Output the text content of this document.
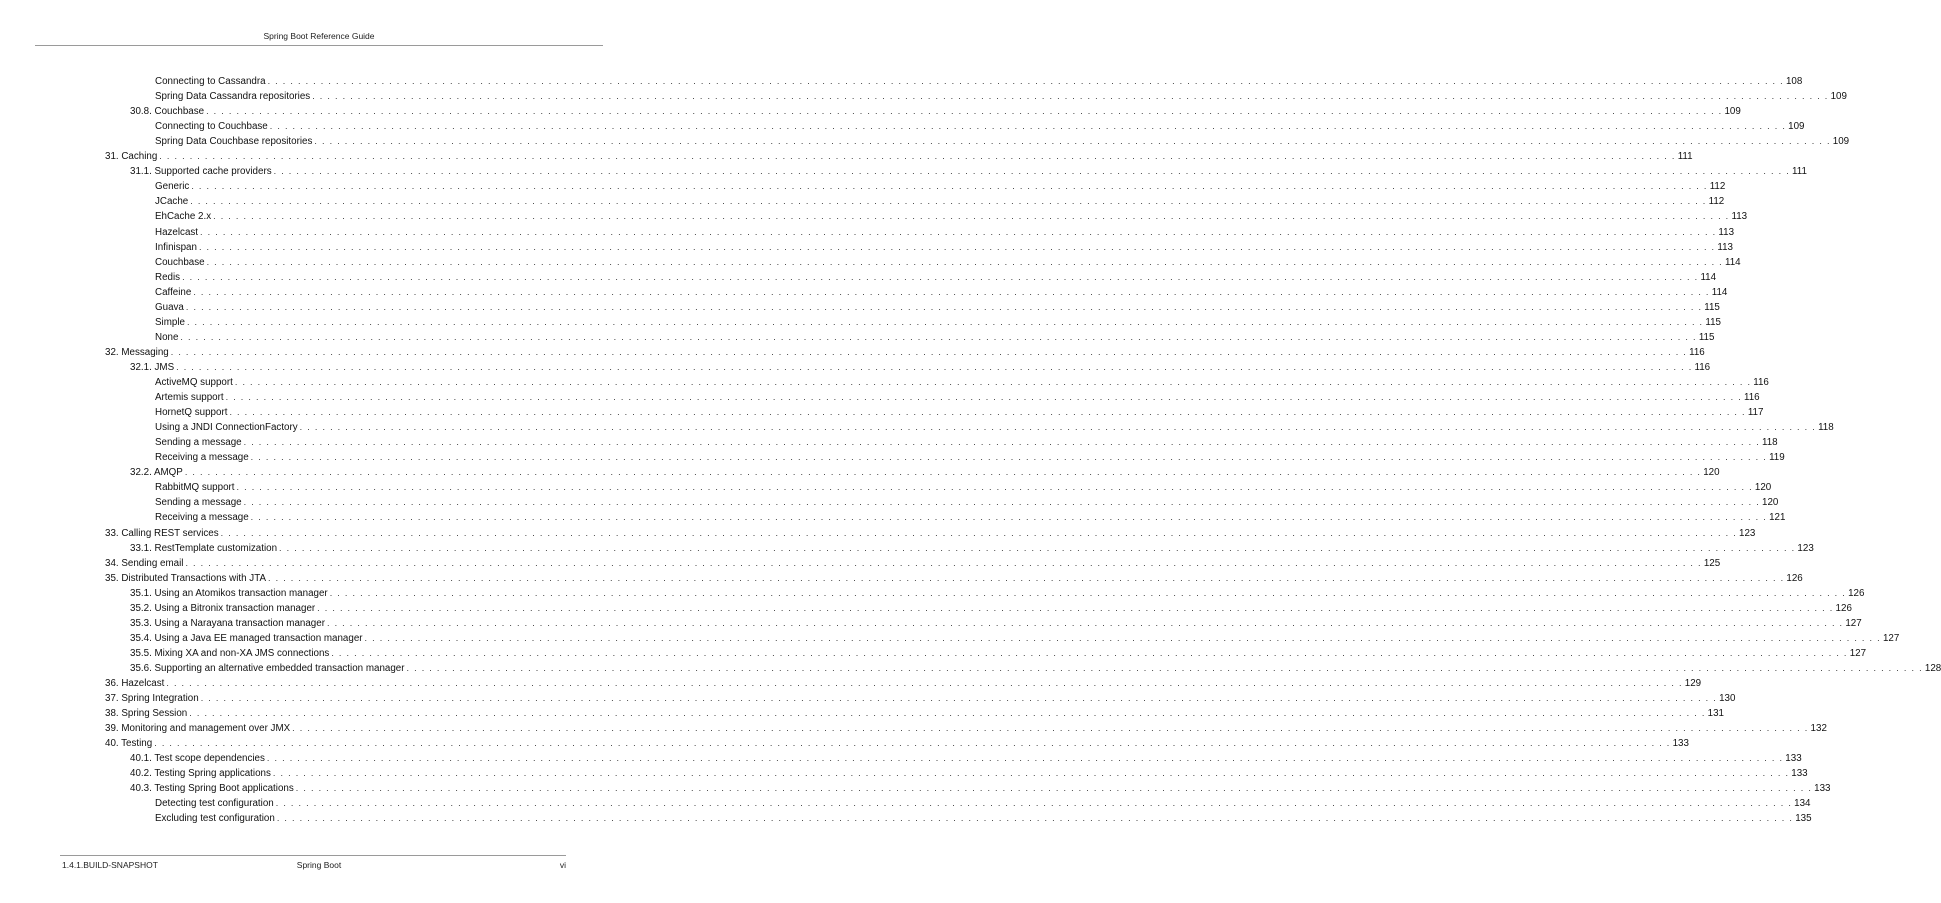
Spring Boot Reference Guide
Connecting to Cassandra . . . . . . . . . . . . . . . . . . . . . . . . . . . . . . . . . . . . . . . . . . . . . . . . . . . . . . . . . . . . . . . . . . . . . . . . . . . . . . . . . . . . . . . . . . . . . . . . . . . . . . . . . . . . . . . . . . . . . . . . . . . . . . . . . . . . . . . . . . . . . . . . . . . . . . . . . . . . . . . . . . . . . . . . . . . . . . . . . . . . . . . . . . . . . . . . . . . . . . . . 108
Spring Data Cassandra repositories . . . . . . . . . . . . . . . . . . . . . . . . . . . . . . . . . . . . . . . . . . . . . . . . . . . . . . . . . . . . . . . . . . . . . . . . . . . . . . . . . . . . . . . . . . . . . . . . . . . . . . . . . . . . . . . . . . . . . . . . . . . . . . . . . . . . . . . . . . . . . . . . . . . . . . . . . . . . . . . . . . . . . . . . . . . . . . . . . . . . . . . . . . . . . . . . . . . . . . . . 109
30.8. Couchbase . . . . . . . . . . . . . . . . . . . . . . . . . . . . . . . . . . . . . . . . . . . . . . . . . . . . . . . . . . . . . . . . . . . . . . . . . . . . . . . . . . . . . . . . . . . . . . . . . . . . . . . . . . . . . . . . . . . . . . . . . . . . . . . . . . . . . . . . . . . . . . . . . . . . . . . . . . . . . . . . . . . . . . . . . . . . . . . . . . . . . . . . . . . . . . . . . . . . . . . . 109
Connecting to Couchbase . . . . . . . . . . . . . . . . . . . . . . . . . . . . . . . . . . . . . . . . . . . . . . . . . . . . . . . . . . . . . . . . . . . . . . . . . . . . . . . . . . . . . . . . . . . . . . . . . . . . . . . . . . . . . . . . . . . . . . . . . . . . . . . . . . . . . . . . . . . . . . . . . . . . . . . . . . . . . . . . . . . . . . . . . . . . . . . . . . . . . . . . . . . . . . . . . . . . . . . . 109
Spring Data Couchbase repositories . . . . . . . . . . . . . . . . . . . . . . . . . . . . . . . . . . . . . . . . . . . . . . . . . . . . . . . . . . . . . . . . . . . . . . . . . . . . . . . . . . . . . . . . . . . . . . . . . . . . . . . . . . . . . . . . . . . . . . . . . . . . . . . . . . . . . . . . . . . . . . . . . . . . . . . . . . . . . . . . . . . . . . . . . . . . . . . . . . . . . . . . . . . . . . . . . . . . . . . . 109
31. Caching . . . . . . . . . . . . . . . . . . . . . . . . . . . . . . . . . . . . . . . . . . . . . . . . . . . . . . . . . . . . . . . . . . . . . . . . . . . . . . . . . . . . . . . . . . . . . . . . . . . . . . . . . . . . . . . . . . . . . . . . . . . . . . . . . . . . . . . . . . . . . . . . . . . . . . . . . . . . . . . . . . . . . . . . . . . . . . . . . . . . . . . . . . . . . . . . . . . . . . . . 111
31.1. Supported cache providers . . . . . . . . . . . . . . . . . . . . . . . . . . . . . . . . . . . . . . . . . . . . . . . . . . . . . . . . . . . . . . . . . . . . . . . . . . . . . . . . . . . . . . . . . . . . . . . . . . . . . . . . . . . . . . . . . . . . . . . . . . . . . . . . . . . . . . . . . . . . . . . . . . . . . . . . . . . . . . . . . . . . . . . . . . . . . . . . . . . . . . . . . . . . . . . . . . . . . . . . 111
Generic . . . . . . . . . . . . . . . . . . . . . . . . . . . . . . . . . . . . . . . . . . . . . . . . . . . . . . . . . . . . . . . . . . . . . . . . . . . . . . . . . . . . . . . . . . . . . . . . . . . . . . . . . . . . . . . . . . . . . . . . . . . . . . . . . . . . . . . . . . . . . . . . . . . . . . . . . . . . . . . . . . . . . . . . . . . . . . . . . . . . . . . . . . . . . . . . . . . . . . . . 112
JCache . . . . . . . . . . . . . . . . . . . . . . . . . . . . . . . . . . . . . . . . . . . . . . . . . . . . . . . . . . . . . . . . . . . . . . . . . . . . . . . . . . . . . . . . . . . . . . . . . . . . . . . . . . . . . . . . . . . . . . . . . . . . . . . . . . . . . . . . . . . . . . . . . . . . . . . . . . . . . . . . . . . . . . . . . . . . . . . . . . . . . . . . . . . . . . . . . . . . . . . . 112
EhCache 2.x . . . . . . . . . . . . . . . . . . . . . . . . . . . . . . . . . . . . . . . . . . . . . . . . . . . . . . . . . . . . . . . . . . . . . . . . . . . . . . . . . . . . . . . . . . . . . . . . . . . . . . . . . . . . . . . . . . . . . . . . . . . . . . . . . . . . . . . . . . . . . . . . . . . . . . . . . . . . . . . . . . . . . . . . . . . . . . . . . . . . . . . . . . . . . . . . . . . . . . . . 113
Hazelcast . . . . . . . . . . . . . . . . . . . . . . . . . . . . . . . . . . . . . . . . . . . . . . . . . . . . . . . . . . . . . . . . . . . . . . . . . . . . . . . . . . . . . . . . . . . . . . . . . . . . . . . . . . . . . . . . . . . . . . . . . . . . . . . . . . . . . . . . . . . . . . . . . . . . . . . . . . . . . . . . . . . . . . . . . . . . . . . . . . . . . . . . . . . . . . . . . . . . . . . . 113
Infinispan . . . . . . . . . . . . . . . . . . . . . . . . . . . . . . . . . . . . . . . . . . . . . . . . . . . . . . . . . . . . . . . . . . . . . . . . . . . . . . . . . . . . . . . . . . . . . . . . . . . . . . . . . . . . . . . . . . . . . . . . . . . . . . . . . . . . . . . . . . . . . . . . . . . . . . . . . . . . . . . . . . . . . . . . . . . . . . . . . . . . . . . . . . . . . . . . . . . . . . . . 113
Couchbase . . . . . . . . . . . . . . . . . . . . . . . . . . . . . . . . . . . . . . . . . . . . . . . . . . . . . . . . . . . . . . . . . . . . . . . . . . . . . . . . . . . . . . . . . . . . . . . . . . . . . . . . . . . . . . . . . . . . . . . . . . . . . . . . . . . . . . . . . . . . . . . . . . . . . . . . . . . . . . . . . . . . . . . . . . . . . . . . . . . . . . . . . . . . . . . . . . . . . . . . 114
Redis . . . . . . . . . . . . . . . . . . . . . . . . . . . . . . . . . . . . . . . . . . . . . . . . . . . . . . . . . . . . . . . . . . . . . . . . . . . . . . . . . . . . . . . . . . . . . . . . . . . . . . . . . . . . . . . . . . . . . . . . . . . . . . . . . . . . . . . . . . . . . . . . . . . . . . . . . . . . . . . . . . . . . . . . . . . . . . . . . . . . . . . . . . . . . . . . . . . . . . . . 114
Caffeine . . . . . . . . . . . . . . . . . . . . . . . . . . . . . . . . . . . . . . . . . . . . . . . . . . . . . . . . . . . . . . . . . . . . . . . . . . . . . . . . . . . . . . . . . . . . . . . . . . . . . . . . . . . . . . . . . . . . . . . . . . . . . . . . . . . . . . . . . . . . . . . . . . . . . . . . . . . . . . . . . . . . . . . . . . . . . . . . . . . . . . . . . . . . . . . . . . . . . . . . 114
Guava . . . . . . . . . . . . . . . . . . . . . . . . . . . . . . . . . . . . . . . . . . . . . . . . . . . . . . . . . . . . . . . . . . . . . . . . . . . . . . . . . . . . . . . . . . . . . . . . . . . . . . . . . . . . . . . . . . . . . . . . . . . . . . . . . . . . . . . . . . . . . . . . . . . . . . . . . . . . . . . . . . . . . . . . . . . . . . . . . . . . . . . . . . . . . . . . . . . . . . . . 115
Simple . . . . . . . . . . . . . . . . . . . . . . . . . . . . . . . . . . . . . . . . . . . . . . . . . . . . . . . . . . . . . . . . . . . . . . . . . . . . . . . . . . . . . . . . . . . . . . . . . . . . . . . . . . . . . . . . . . . . . . . . . . . . . . . . . . . . . . . . . . . . . . . . . . . . . . . . . . . . . . . . . . . . . . . . . . . . . . . . . . . . . . . . . . . . . . . . . . . . . . . . 115
None . . . . . . . . . . . . . . . . . . . . . . . . . . . . . . . . . . . . . . . . . . . . . . . . . . . . . . . . . . . . . . . . . . . . . . . . . . . . . . . . . . . . . . . . . . . . . . . . . . . . . . . . . . . . . . . . . . . . . . . . . . . . . . . . . . . . . . . . . . . . . . . . . . . . . . . . . . . . . . . . . . . . . . . . . . . . . . . . . . . . . . . . . . . . . . . . . . . . . . . . 115
32. Messaging . . . . . . . . . . . . . . . . . . . . . . . . . . . . . . . . . . . . . . . . . . . . . . . . . . . . . . . . . . . . . . . . . . . . . . . . . . . . . . . . . . . . . . . . . . . . . . . . . . . . . . . . . . . . . . . . . . . . . . . . . . . . . . . . . . . . . . . . . . . . . . . . . . . . . . . . . . . . . . . . . . . . . . . . . . . . . . . . . . . . . . . . . . . . . . . . . . . . . . . . 116
32.1. JMS . . . . . . . . . . . . . . . . . . . . . . . . . . . . . . . . . . . . . . . . . . . . . . . . . . . . . . . . . . . . . . . . . . . . . . . . . . . . . . . . . . . . . . . . . . . . . . . . . . . . . . . . . . . . . . . . . . . . . . . . . . . . . . . . . . . . . . . . . . . . . . . . . . . . . . . . . . . . . . . . . . . . . . . . . . . . . . . . . . . . . . . . . . . . . . . . . . . . . . . . 116
ActiveMQ support . . . . . . . . . . . . . . . . . . . . . . . . . . . . . . . . . . . . . . . . . . . . . . . . . . . . . . . . . . . . . . . . . . . . . . . . . . . . . . . . . . . . . . . . . . . . . . . . . . . . . . . . . . . . . . . . . . . . . . . . . . . . . . . . . . . . . . . . . . . . . . . . . . . . . . . . . . . . . . . . . . . . . . . . . . . . . . . . . . . . . . . . . . . . . . . . . . . . . . . . 116
Artemis support . . . . . . . . . . . . . . . . . . . . . . . . . . . . . . . . . . . . . . . . . . . . . . . . . . . . . . . . . . . . . . . . . . . . . . . . . . . . . . . . . . . . . . . . . . . . . . . . . . . . . . . . . . . . . . . . . . . . . . . . . . . . . . . . . . . . . . . . . . . . . . . . . . . . . . . . . . . . . . . . . . . . . . . . . . . . . . . . . . . . . . . . . . . . . . . . . . . . . . . . 116
HornetQ support . . . . . . . . . . . . . . . . . . . . . . . . . . . . . . . . . . . . . . . . . . . . . . . . . . . . . . . . . . . . . . . . . . . . . . . . . . . . . . . . . . . . . . . . . . . . . . . . . . . . . . . . . . . . . . . . . . . . . . . . . . . . . . . . . . . . . . . . . . . . . . . . . . . . . . . . . . . . . . . . . . . . . . . . . . . . . . . . . . . . . . . . . . . . . . . . . . . . . . . . 117
Using a JNDI ConnectionFactory . . . . . . . . . . . . . . . . . . . . . . . . . . . . . . . . . . . . . . . . . . . . . . . . . . . . . . . . . . . . . . . . . . . . . . . . . . . . . . . . . . . . . . . . . . . . . . . . . . . . . . . . . . . . . . . . . . . . . . . . . . . . . . . . . . . . . . . . . . . . . . . . . . . . . . . . . . . . . . . . . . . . . . . . . . . . . . . . . . . . . . . . . . . . . . . . . . . . . . . . 118
Sending a message . . . . . . . . . . . . . . . . . . . . . . . . . . . . . . . . . . . . . . . . . . . . . . . . . . . . . . . . . . . . . . . . . . . . . . . . . . . . . . . . . . . . . . . . . . . . . . . . . . . . . . . . . . . . . . . . . . . . . . . . . . . . . . . . . . . . . . . . . . . . . . . . . . . . . . . . . . . . . . . . . . . . . . . . . . . . . . . . . . . . . . . . . . . . . . . . . . . . . . . . 118
Receiving a message . . . . . . . . . . . . . . . . . . . . . . . . . . . . . . . . . . . . . . . . . . . . . . . . . . . . . . . . . . . . . . . . . . . . . . . . . . . . . . . . . . . . . . . . . . . . . . . . . . . . . . . . . . . . . . . . . . . . . . . . . . . . . . . . . . . . . . . . . . . . . . . . . . . . . . . . . . . . . . . . . . . . . . . . . . . . . . . . . . . . . . . . . . . . . . . . . . . . . . . . 119
32.2. AMQP . . . . . . . . . . . . . . . . . . . . . . . . . . . . . . . . . . . . . . . . . . . . . . . . . . . . . . . . . . . . . . . . . . . . . . . . . . . . . . . . . . . . . . . . . . . . . . . . . . . . . . . . . . . . . . . . . . . . . . . . . . . . . . . . . . . . . . . . . . . . . . . . . . . . . . . . . . . . . . . . . . . . . . . . . . . . . . . . . . . . . . . . . . . . . . . . . . . . . . . . 120
RabbitMQ support . . . . . . . . . . . . . . . . . . . . . . . . . . . . . . . . . . . . . . . . . . . . . . . . . . . . . . . . . . . . . . . . . . . . . . . . . . . . . . . . . . . . . . . . . . . . . . . . . . . . . . . . . . . . . . . . . . . . . . . . . . . . . . . . . . . . . . . . . . . . . . . . . . . . . . . . . . . . . . . . . . . . . . . . . . . . . . . . . . . . . . . . . . . . . . . . . . . . . . . . 120
Sending a message . . . . . . . . . . . . . . . . . . . . . . . . . . . . . . . . . . . . . . . . . . . . . . . . . . . . . . . . . . . . . . . . . . . . . . . . . . . . . . . . . . . . . . . . . . . . . . . . . . . . . . . . . . . . . . . . . . . . . . . . . . . . . . . . . . . . . . . . . . . . . . . . . . . . . . . . . . . . . . . . . . . . . . . . . . . . . . . . . . . . . . . . . . . . . . . . . . . . . . . . 120
Receiving a message . . . . . . . . . . . . . . . . . . . . . . . . . . . . . . . . . . . . . . . . . . . . . . . . . . . . . . . . . . . . . . . . . . . . . . . . . . . . . . . . . . . . . . . . . . . . . . . . . . . . . . . . . . . . . . . . . . . . . . . . . . . . . . . . . . . . . . . . . . . . . . . . . . . . . . . . . . . . . . . . . . . . . . . . . . . . . . . . . . . . . . . . . . . . . . . . . . . . . . . . 121
33. Calling REST services . . . . . . . . . . . . . . . . . . . . . . . . . . . . . . . . . . . . . . . . . . . . . . . . . . . . . . . . . . . . . . . . . . . . . . . . . . . . . . . . . . . . . . . . . . . . . . . . . . . . . . . . . . . . . . . . . . . . . . . . . . . . . . . . . . . . . . . . . . . . . . . . . . . . . . . . . . . . . . . . . . . . . . . . . . . . . . . . . . . . . . . . . . . . . . . . . . . . . . . . 123
33.1. RestTemplate customization . . . . . . . . . . . . . . . . . . . . . . . . . . . . . . . . . . . . . . . . . . . . . . . . . . . . . . . . . . . . . . . . . . . . . . . . . . . . . . . . . . . . . . . . . . . . . . . . . . . . . . . . . . . . . . . . . . . . . . . . . . . . . . . . . . . . . . . . . . . . . . . . . . . . . . . . . . . . . . . . . . . . . . . . . . . . . . . . . . . . . . . . . . . . . . . . . . . . . . . . 123
34. Sending email . . . . . . . . . . . . . . . . . . . . . . . . . . . . . . . . . . . . . . . . . . . . . . . . . . . . . . . . . . . . . . . . . . . . . . . . . . . . . . . . . . . . . . . . . . . . . . . . . . . . . . . . . . . . . . . . . . . . . . . . . . . . . . . . . . . . . . . . . . . . . . . . . . . . . . . . . . . . . . . . . . . . . . . . . . . . . . . . . . . . . . . . . . . . . . . . . . . . . . . . 125
35. Distributed Transactions with JTA . . . . . . . . . . . . . . . . . . . . . . . . . . . . . . . . . . . . . . . . . . . . . . . . . . . . . . . . . . . . . . . . . . . . . . . . . . . . . . . . . . . . . . . . . . . . . . . . . . . . . . . . . . . . . . . . . . . . . . . . . . . . . . . . . . . . . . . . . . . . . . . . . . . . . . . . . . . . . . . . . . . . . . . . . . . . . . . . . . . . . . . . . . . . . . . . . . . . . . . . 126
35.1. Using an Atomikos transaction manager . . . . . . . . . . . . . . . . . . . . . . . . . . . . . . . . . . . . . . . . . . . . . . . . . . . . . . . . . . . . . . . . . . . . . . . . . . . . . . . . . . . . . . . . . . . . . . . . . . . . . . . . . . . . . . . . . . . . . . . . . . . . . . . . . . . . . . . . . . . . . . . . . . . . . . . . . . . . . . . . . . . . . . . . . . . . . . . . . . . . . . . . . . . . . . . . . . . . . . . . 126
35.2. Using a Bitronix transaction manager . . . . . . . . . . . . . . . . . . . . . . . . . . . . . . . . . . . . . . . . . . . . . . . . . . . . . . . . . . . . . . . . . . . . . . . . . . . . . . . . . . . . . . . . . . . . . . . . . . . . . . . . . . . . . . . . . . . . . . . . . . . . . . . . . . . . . . . . . . . . . . . . . . . . . . . . . . . . . . . . . . . . . . . . . . . . . . . . . . . . . . . . . . . . . . . . . . . . . . . . 126
35.3. Using a Narayana transaction manager . . . . . . . . . . . . . . . . . . . . . . . . . . . . . . . . . . . . . . . . . . . . . . . . . . . . . . . . . . . . . . . . . . . . . . . . . . . . . . . . . . . . . . . . . . . . . . . . . . . . . . . . . . . . . . . . . . . . . . . . . . . . . . . . . . . . . . . . . . . . . . . . . . . . . . . . . . . . . . . . . . . . . . . . . . . . . . . . . . . . . . . . . . . . . . . . . . . . . . . . 127
35.4. Using a Java EE managed transaction manager . . . . . . . . . . . . . . . . . . . . . . . . . . . . . . . . . . . . . . . . . . . . . . . . . . . . . . . . . . . . . . . . . . . . . . . . . . . . . . . . . . . . . . . . . . . . . . . . . . . . . . . . . . . . . . . . . . . . . . . . . . . . . . . . . . . . . . . . . . . . . . . . . . . . . . . . . . . . . . . . . . . . . . . . . . . . . . . . . . . . . . . . . . . . . . . . . . . . . . . . 127
35.5. Mixing XA and non-XA JMS connections . . . . . . . . . . . . . . . . . . . . . . . . . . . . . . . . . . . . . . . . . . . . . . . . . . . . . . . . . . . . . . . . . . . . . . . . . . . . . . . . . . . . . . . . . . . . . . . . . . . . . . . . . . . . . . . . . . . . . . . . . . . . . . . . . . . . . . . . . . . . . . . . . . . . . . . . . . . . . . . . . . . . . . . . . . . . . . . . . . . . . . . . . . . . . . . . . . . . . . . . 127
35.6. Supporting an alternative embedded transaction manager . . . . . . . . . . . . . . . . . . . . . . . . . . . . . . . . . . . . . . . . . . . . . . . . . . . . . . . . . . . . . . . . . . . . . . . . . . . . . . . . . . . . . . . . . . . . . . . . . . . . . . . . . . . . . . . . . . . . . . . . . . . . . . . . . . . . . . . . . . . . . . . . . . . . . . . . . . . . . . . . . . . . . . . . . . . . . . . . . . . . . . . . . . . . . . . . . . . . . . . . 128
36. Hazelcast . . . . . . . . . . . . . . . . . . . . . . . . . . . . . . . . . . . . . . . . . . . . . . . . . . . . . . . . . . . . . . . . . . . . . . . . . . . . . . . . . . . . . . . . . . . . . . . . . . . . . . . . . . . . . . . . . . . . . . . . . . . . . . . . . . . . . . . . . . . . . . . . . . . . . . . . . . . . . . . . . . . . . . . . . . . . . . . . . . . . . . . . . . . . . . . . . . . . . . . . 129
37. Spring Integration . . . . . . . . . . . . . . . . . . . . . . . . . . . . . . . . . . . . . . . . . . . . . . . . . . . . . . . . . . . . . . . . . . . . . . . . . . . . . . . . . . . . . . . . . . . . . . . . . . . . . . . . . . . . . . . . . . . . . . . . . . . . . . . . . . . . . . . . . . . . . . . . . . . . . . . . . . . . . . . . . . . . . . . . . . . . . . . . . . . . . . . . . . . . . . . . . . . . . . . . 130
38. Spring Session . . . . . . . . . . . . . . . . . . . . . . . . . . . . . . . . . . . . . . . . . . . . . . . . . . . . . . . . . . . . . . . . . . . . . . . . . . . . . . . . . . . . . . . . . . . . . . . . . . . . . . . . . . . . . . . . . . . . . . . . . . . . . . . . . . . . . . . . . . . . . . . . . . . . . . . . . . . . . . . . . . . . . . . . . . . . . . . . . . . . . . . . . . . . . . . . . . . . . . . . 131
39. Monitoring and management over JMX . . . . . . . . . . . . . . . . . . . . . . . . . . . . . . . . . . . . . . . . . . . . . . . . . . . . . . . . . . . . . . . . . . . . . . . . . . . . . . . . . . . . . . . . . . . . . . . . . . . . . . . . . . . . . . . . . . . . . . . . . . . . . . . . . . . . . . . . . . . . . . . . . . . . . . . . . . . . . . . . . . . . . . . . . . . . . . . . . . . . . . . . . . . . . . . . . . . . . . . . 132
40. Testing . . . . . . . . . . . . . . . . . . . . . . . . . . . . . . . . . . . . . . . . . . . . . . . . . . . . . . . . . . . . . . . . . . . . . . . . . . . . . . . . . . . . . . . . . . . . . . . . . . . . . . . . . . . . . . . . . . . . . . . . . . . . . . . . . . . . . . . . . . . . . . . . . . . . . . . . . . . . . . . . . . . . . . . . . . . . . . . . . . . . . . . . . . . . . . . . . . . . . . . . 133
40.1. Test scope dependencies . . . . . . . . . . . . . . . . . . . . . . . . . . . . . . . . . . . . . . . . . . . . . . . . . . . . . . . . . . . . . . . . . . . . . . . . . . . . . . . . . . . . . . . . . . . . . . . . . . . . . . . . . . . . . . . . . . . . . . . . . . . . . . . . . . . . . . . . . . . . . . . . . . . . . . . . . . . . . . . . . . . . . . . . . . . . . . . . . . . . . . . . . . . . . . . . . . . . . . . . 133
40.2. Testing Spring applications . . . . . . . . . . . . . . . . . . . . . . . . . . . . . . . . . . . . . . . . . . . . . . . . . . . . . . . . . . . . . . . . . . . . . . . . . . . . . . . . . . . . . . . . . . . . . . . . . . . . . . . . . . . . . . . . . . . . . . . . . . . . . . . . . . . . . . . . . . . . . . . . . . . . . . . . . . . . . . . . . . . . . . . . . . . . . . . . . . . . . . . . . . . . . . . . . . . . . . . . 133
40.3. Testing Spring Boot applications . . . . . . . . . . . . . . . . . . . . . . . . . . . . . . . . . . . . . . . . . . . . . . . . . . . . . . . . . . . . . . . . . . . . . . . . . . . . . . . . . . . . . . . . . . . . . . . . . . . . . . . . . . . . . . . . . . . . . . . . . . . . . . . . . . . . . . . . . . . . . . . . . . . . . . . . . . . . . . . . . . . . . . . . . . . . . . . . . . . . . . . . . . . . . . . . . . . . . . . . 133
Detecting test configuration . . . . . . . . . . . . . . . . . . . . . . . . . . . . . . . . . . . . . . . . . . . . . . . . . . . . . . . . . . . . . . . . . . . . . . . . . . . . . . . . . . . . . . . . . . . . . . . . . . . . . . . . . . . . . . . . . . . . . . . . . . . . . . . . . . . . . . . . . . . . . . . . . . . . . . . . . . . . . . . . . . . . . . . . . . . . . . . . . . . . . . . . . . . . . . . . . . . . . . . . 134
Excluding test configuration . . . . . . . . . . . . . . . . . . . . . . . . . . . . . . . . . . . . . . . . . . . . . . . . . . . . . . . . . . . . . . . . . . . . . . . . . . . . . . . . . . . . . . . . . . . . . . . . . . . . . . . . . . . . . . . . . . . . . . . . . . . . . . . . . . . . . . . . . . . . . . . . . . . . . . . . . . . . . . . . . . . . . . . . . . . . . . . . . . . . . . . . . . . . . . . . . . . . . . . . 135
1.4.1.BUILD-SNAPSHOT	Spring Boot	vi
